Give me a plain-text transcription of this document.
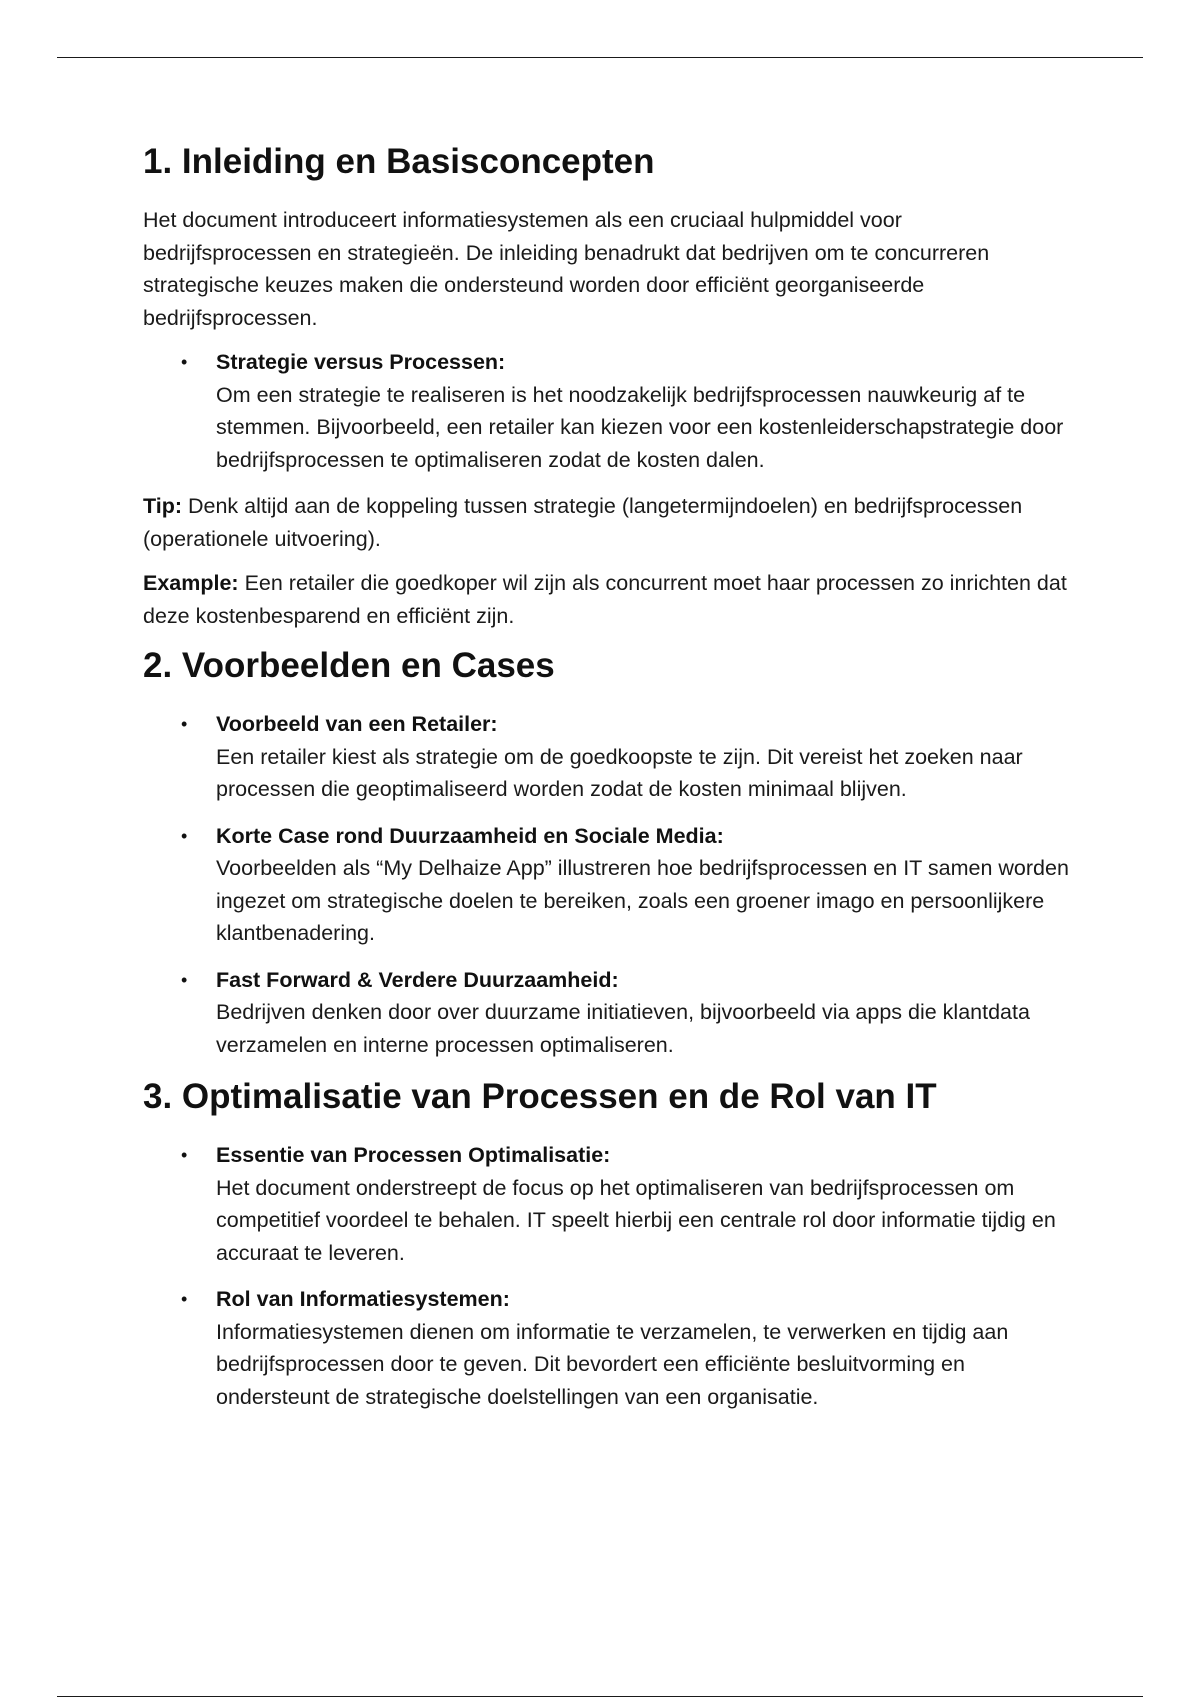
1. Inleiding en Basisconcepten

Het document introduceert informatiesystemen als een cruciaal hulpmiddel voor bedrijfsprocessen en strategieën. De inleiding benadrukt dat bedrijven om te concurreren strategische keuzes maken die ondersteund worden door efficiënt georganiseerde bedrijfsprocessen.

• Strategie versus Processen:
Om een strategie te realiseren is het noodzakelijk bedrijfsprocessen nauwkeurig af te stemmen. Bijvoorbeeld, een retailer kan kiezen voor een kostenleiderschapstrategie door bedrijfsprocessen te optimaliseren zodat de kosten dalen.

Tip: Denk altijd aan de koppeling tussen strategie (langetermijndoelen) en bedrijfsprocessen (operationele uitvoering).

Example: Een retailer die goedkoper wil zijn als concurrent moet haar processen zo inrichten dat deze kostenbesparend en efficiënt zijn.

2. Voorbeelden en Cases
• Voorbeeld van een Retailer:
Een retailer kiest als strategie om de goedkoopste te zijn. Dit vereist het zoeken naar processen die geoptimaliseerd worden zodat de kosten minimaal blijven.
• Korte Case rond Duurzaamheid en Sociale Media:
Voorbeelden als “My Delhaize App” illustreren hoe bedrijfsprocessen en IT samen worden ingezet om strategische doelen te bereiken, zoals een groener imago en persoonlijkere klantbenadering.
• Fast Forward & Verdere Duurzaamheid:
Bedrijven denken door over duurzame initiatieven, bijvoorbeeld via apps die klantdata verzamelen en interne processen optimaliseren.
3. Optimalisatie van Processen en de Rol van IT
• Essentie van Processen Optimalisatie:
Het document onderstreept de focus op het optimaliseren van bedrijfsprocessen om competitief voordeel te behalen. IT speelt hierbij een centrale rol door informatie tijdig en accuraat te leveren.
• Rol van Informatiesystemen:
Informatiesystemen dienen om informatie te verzamelen, te verwerken en tijdig aan bedrijfsprocessen door te geven. Dit bevordert een efficiënte besluitvorming en ondersteunt de strategische doelstellingen van een organisatie.
